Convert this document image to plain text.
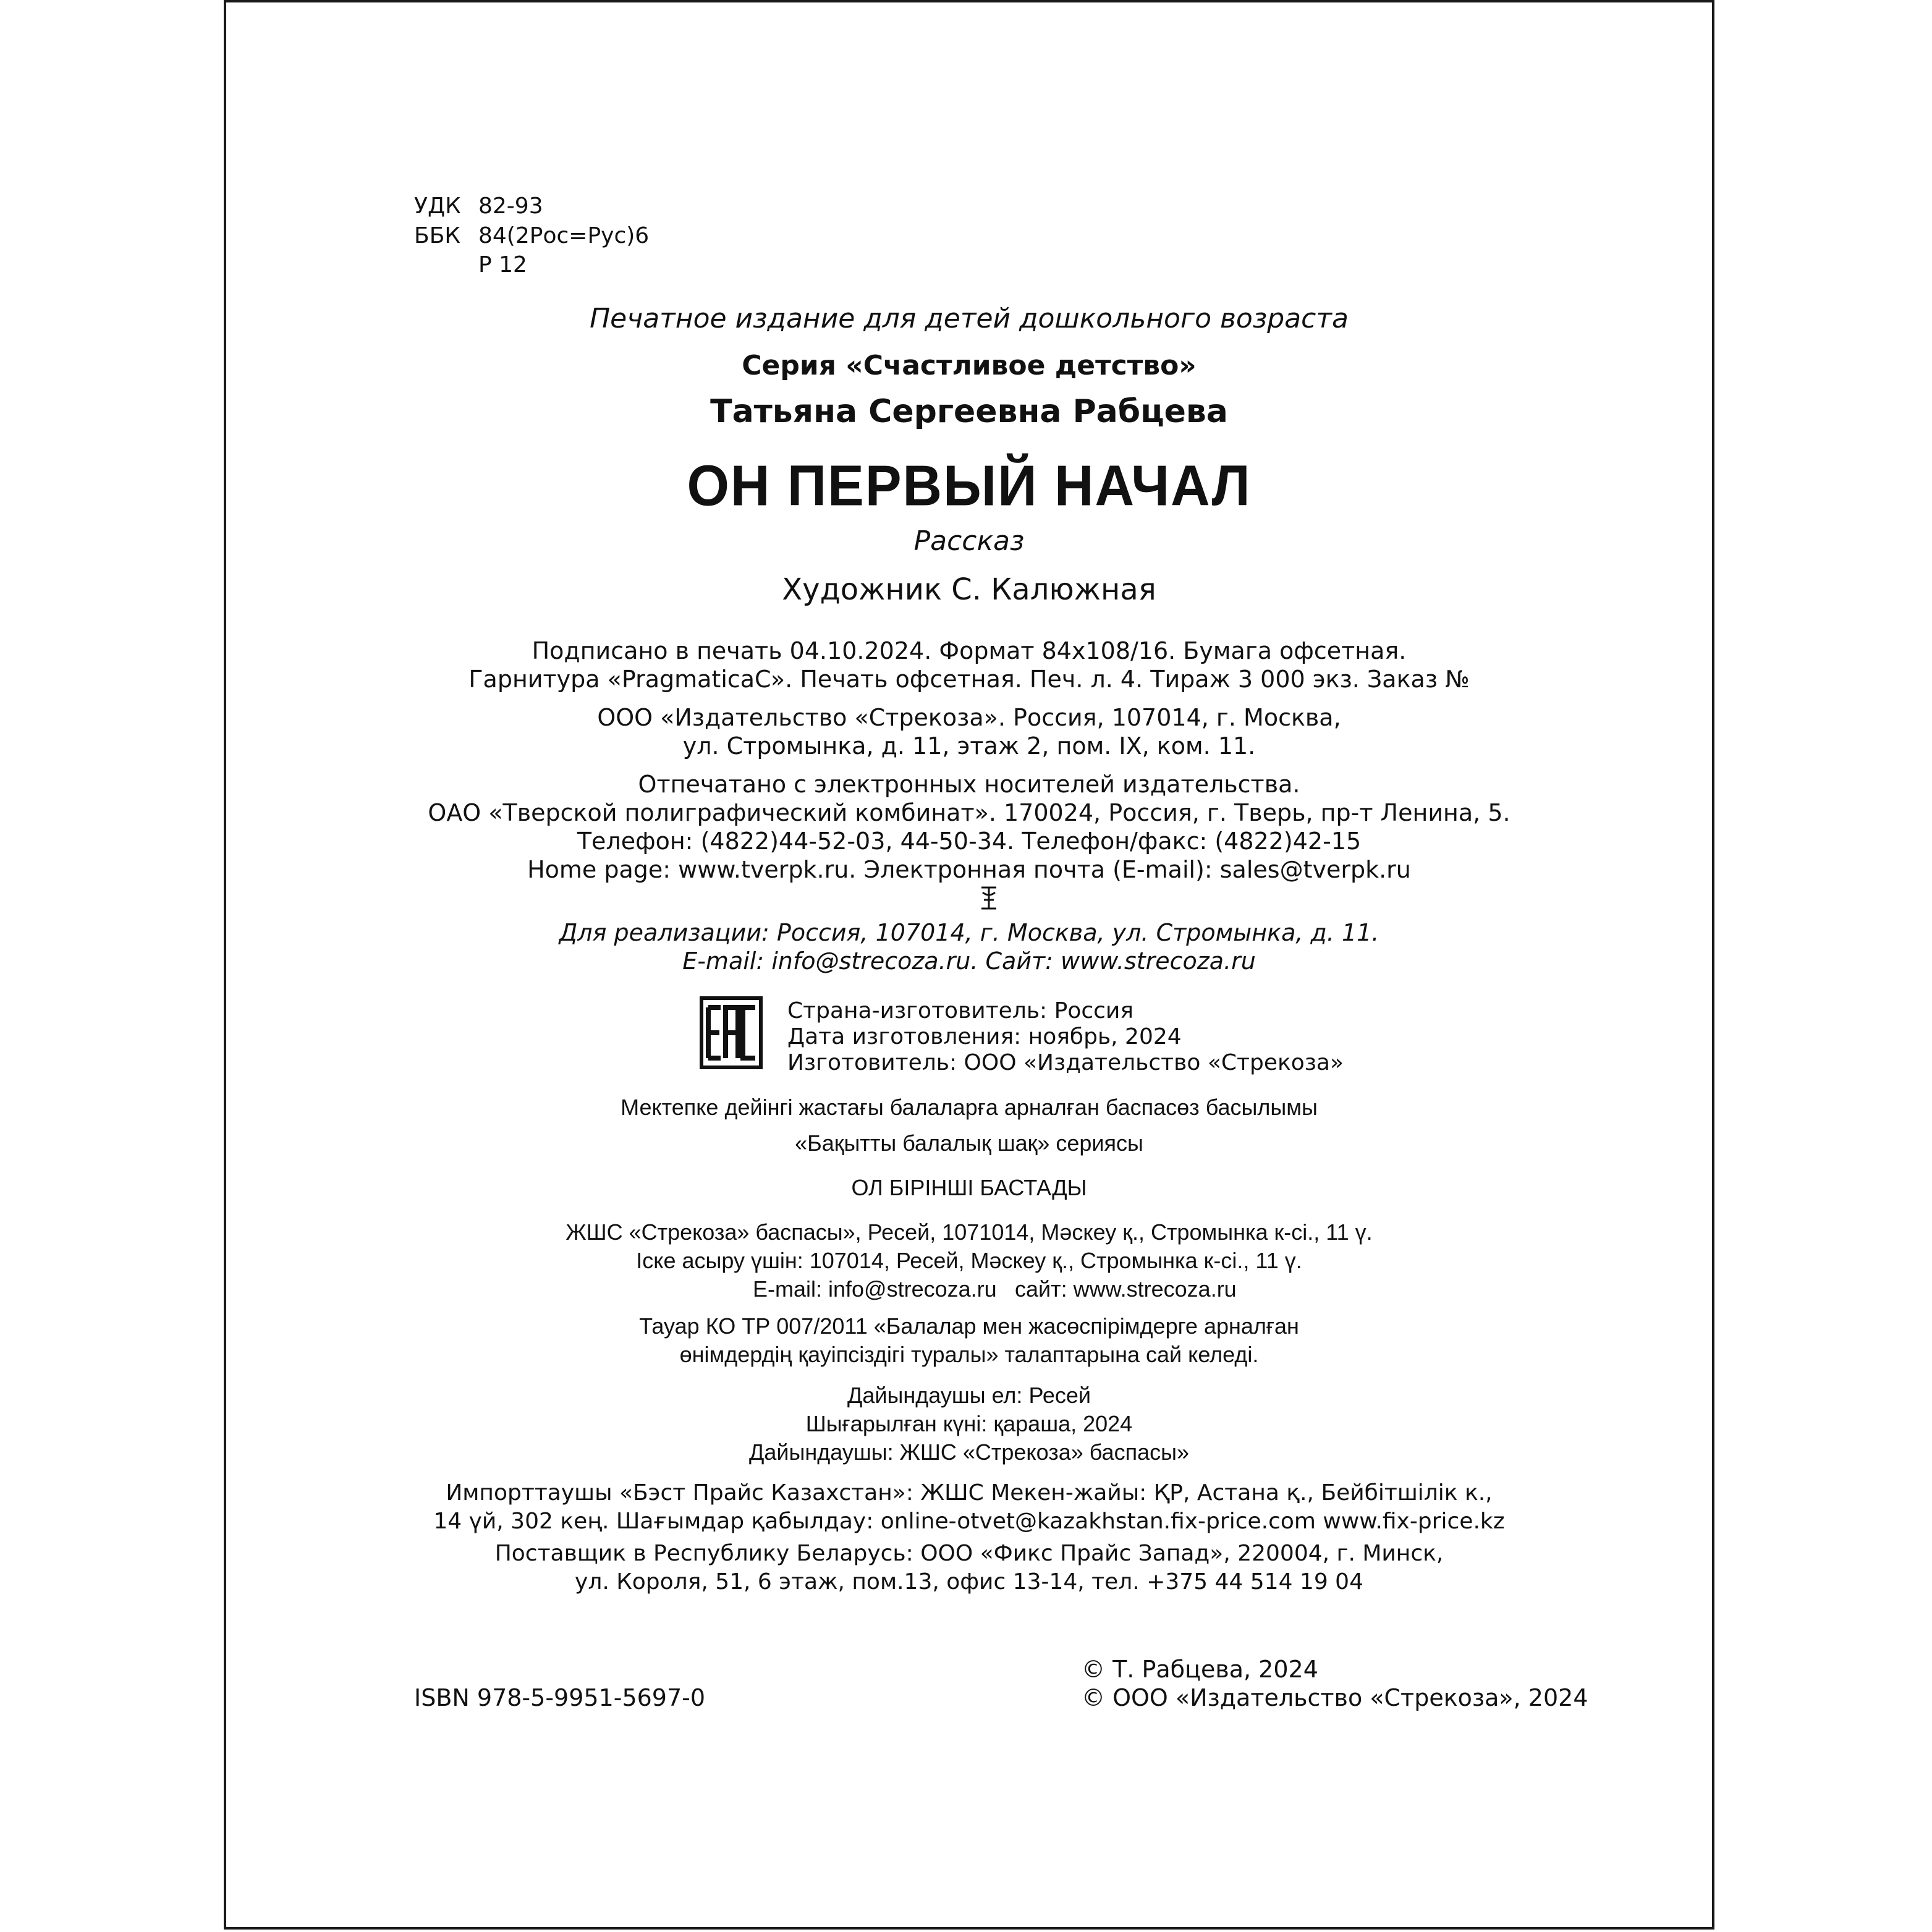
УДК 82-93
ББК 84(2Рос=Рус)6
Р 12
Печатное издание для детей дошкольного возраста
Серия «Счастливое детство»
Татьяна Сергеевна Рабцева
ОН ПЕРВЫЙ НАЧАЛ
Рассказ
Художник С. Калюжная
Подписано в печать 04.10.2024. Формат 84x108/16. Бумага офсетная.
Гарнитура «PragmaticaC». Печать офсетная. Печ. л. 4. Тираж 3 000 экз. Заказ №
ООО «Издательство «Стрекоза». Россия, 107014, г. Москва,
ул. Стромынка, д. 11, этаж 2, пом. IX, ком. 11.
Отпечатано с электронных носителей издательства.
ОАО «Тверской полиграфический комбинат». 170024, Россия, г. Тверь, пр-т Ленина, 5.
Телефон: (4822)44-52-03, 44-50-34. Телефон/факс: (4822)42-15
Home page: www.tverpk.ru. Электронная почта (E-mail): sales@tverpk.ru
Для реализации: Россия, 107014, г. Москва, ул. Стромынка, д. 11.
E-mail: info@strecoza.ru. Сайт: www.strecoza.ru
Страна-изготовитель: Россия
Дата изготовления: ноябрь, 2024
Изготовитель: ООО «Издательство «Стрекоза»
Мектепке дейінгі жастағы балаларға арналған баспасөз басылымы
«Бақытты балалық шақ» сериясы
ОЛ БІРІНШІ БАСТАДЫ
ЖШС «Стрекоза» баспасы», Ресей, 1071014, Мәскеу қ., Стромынка к-сі., 11 ү.
Іске асыру үшін: 107014, Ресей, Мәскеу қ., Стромынка к-сі., 11 ү.
E-mail: info@strecoza.ru сайт: www.strecoza.ru
Тауар КО ТР 007/2011 «Балалар мен жасөспірімдерге арналған
өнімдердің қауіпсіздігі туралы» талаптарына сай келеді.
Дайындаушы ел: Ресей
Шығарылған күні: қараша, 2024
Дайындаушы: ЖШС «Стрекоза» баспасы»
Импорттаушы «Бэст Прайс Казахстан»: ЖШС Мекен-жайы: ҚР, Астана қ., Бейбітшілік к.,
14 үй, 302 кең. Шағымдар қабылдау: online-otvet@kazakhstan.fix-price.com www.fix-price.kz
Поставщик в Республику Беларусь: ООО «Фикс Прайс Запад», 220004, г. Минск,
ул. Короля, 51, 6 этаж, пом.13, офис 13-14, тел. +375 44 514 19 04
ISBN 978-5-9951-5697-0
© Т. Рабцева, 2024
© ООО «Издательство «Стрекоза», 2024
